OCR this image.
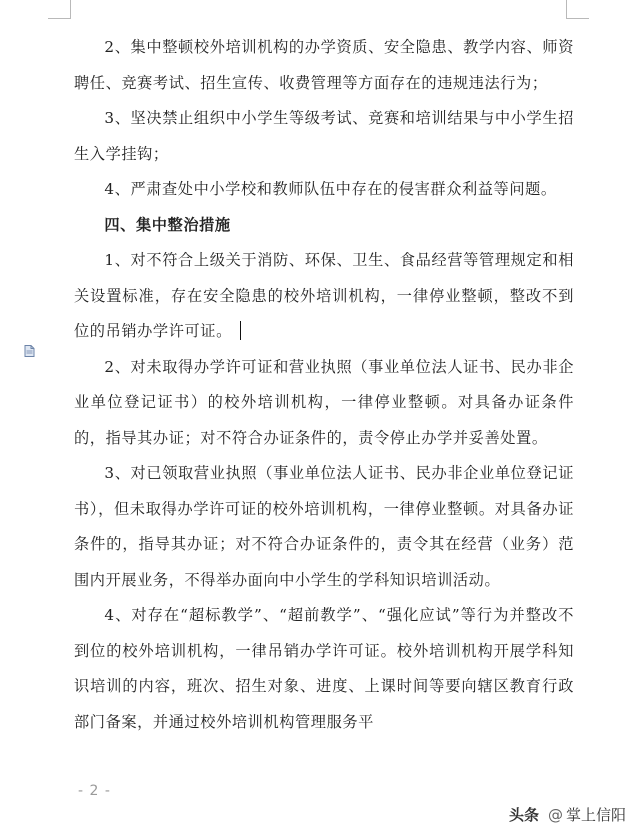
2、集中整顿校外培训机构的办学资质、安全隐患、教学内容、师资聘任、竞赛考试、招生宣传、收费管理等方面存在的违规违法行为；

3、坚决禁止组织中小学生等级考试、竞赛和培训结果与中小学生招生入学挂钩；

4、严肃查处中小学校和教师队伍中存在的侵害群众利益等问题。

四、集中整治措施

1、对不符合上级关于消防、环保、卫生、食品经营等管理规定和相关设置标准，存在安全隐患的校外培训机构，一律停业整顿，整改不到位的吊销办学许可证。

2、对未取得办学许可证和营业执照（事业单位法人证书、民办非企业单位登记证书）的校外培训机构，一律停业整顿。对具备办证条件的，指导其办证；对不符合办证条件的，责令停止办学并妥善处置。

3、对已领取营业执照（事业单位法人证书、民办非企业单位登记证书），但未取得办学许可证的校外培训机构，一律停业整顿。对具备办证条件的，指导其办证；对不符合办证条件的，责令其在经营（业务）范围内开展业务，不得举办面向中小学生的学科知识培训活动。

4、对存在“超标教学”、“超前教学”、“强化应试”等行为并整改不到位的校外培训机构，一律吊销办学许可证。校外培训机构开展学科知识培训的内容，班次、招生对象、进度、上课时间等要向辖区教育行政部门备案，并通过校外培训机构管理服务平

- 2 -
头条 @ 掌上信阳
